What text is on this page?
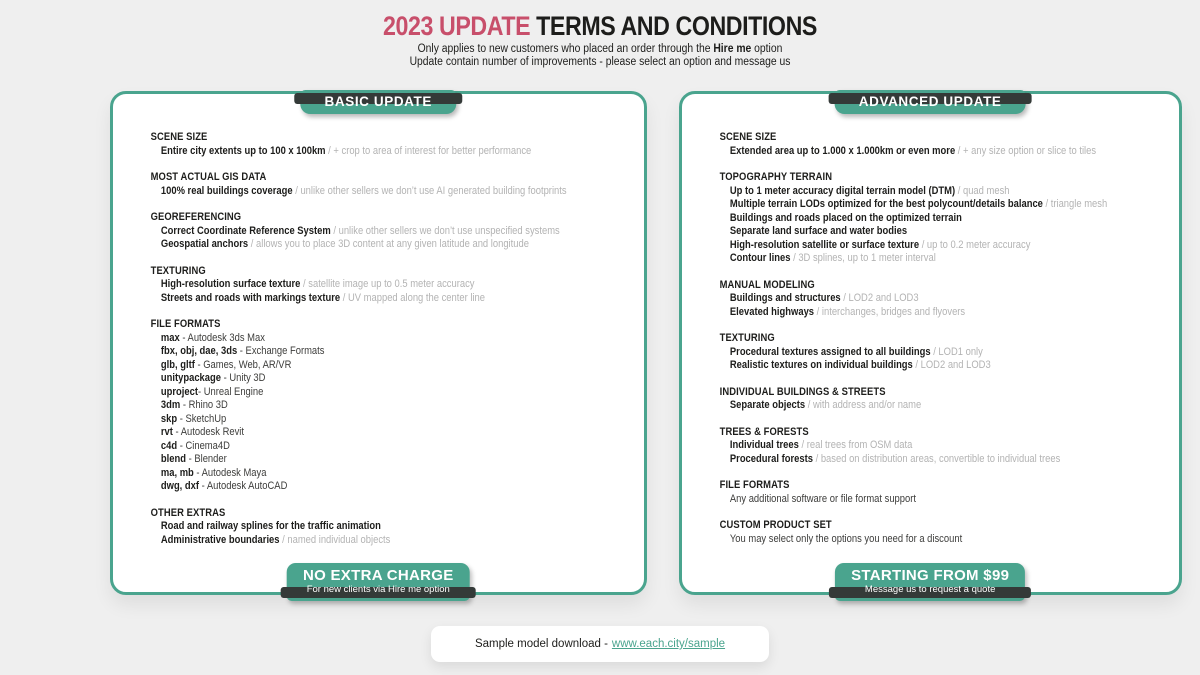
2023 UPDATE TERMS AND CONDITIONS

Only applies to new customers who placed an order through the Hire me option

Update contain number of improvements - please select an option and message us

BASIC UPDATE
SCENE SIZE
Entire city extents up to 100 x 100km / + crop to area of interest for better performance
MOST ACTUAL GIS DATA
100% real buildings coverage / unlike other sellers we don’t use AI generated building footprints
GEOREFERENCING
Correct Coordinate Reference System / unlike other sellers we don’t use unspecified systems
Geospatial anchors / allows you to place 3D content at any given latitude and longitude
TEXTURING
High-resolution surface texture / satellite image up to 0.5 meter accuracy
Streets and roads with markings texture / UV mapped along the center line
FILE FORMATS
max - Autodesk 3ds Max
fbx, obj, dae, 3ds - Exchange Formats
glb, gltf - Games, Web, AR/VR
unitypackage - Unity 3D
uproject- Unreal Engine
3dm - Rhino 3D
skp - SketchUp
rvt - Autodesk Revit
c4d - Cinema4D
blend - Blender
ma, mb - Autodesk Maya
dwg, dxf - Autodesk AutoCAD
OTHER EXTRAS
Road and railway splines for the traffic animation
Administrative boundaries / named individual objects
NO EXTRA CHARGE
For new clients via Hire me option
ADVANCED UPDATE
SCENE SIZE
Extended area up to 1.000 x 1.000km or even more / + any size option or slice to tiles
TOPOGRAPHY TERRAIN
Up to 1 meter accuracy digital terrain model (DTM) / quad mesh
Multiple terrain LODs optimized for the best polycount/details balance / triangle mesh
Buildings and roads placed on the optimized terrain
Separate land surface and water bodies
High-resolution satellite or surface texture / up to 0.2 meter accuracy
Contour lines / 3D splines, up to 1 meter interval
MANUAL MODELING
Buildings and structures / LOD2 and LOD3
Elevated highways / interchanges, bridges and flyovers
TEXTURING
Procedural textures assigned to all buildings / LOD1 only
Realistic textures on individual buildings / LOD2 and LOD3
INDIVIDUAL BUILDINGS & STREETS
Separate objects / with address and/or name
TREES & FORESTS
Individual trees / real trees from OSM data
Procedural forests / based on distribution areas, convertible to individual trees
FILE FORMATS
Any additional software or file format support
CUSTOM PRODUCT SET
You may select only the options you need for a discount
STARTING FROM $99
Message us to request a quote
Sample model download - www.each.city/sample
